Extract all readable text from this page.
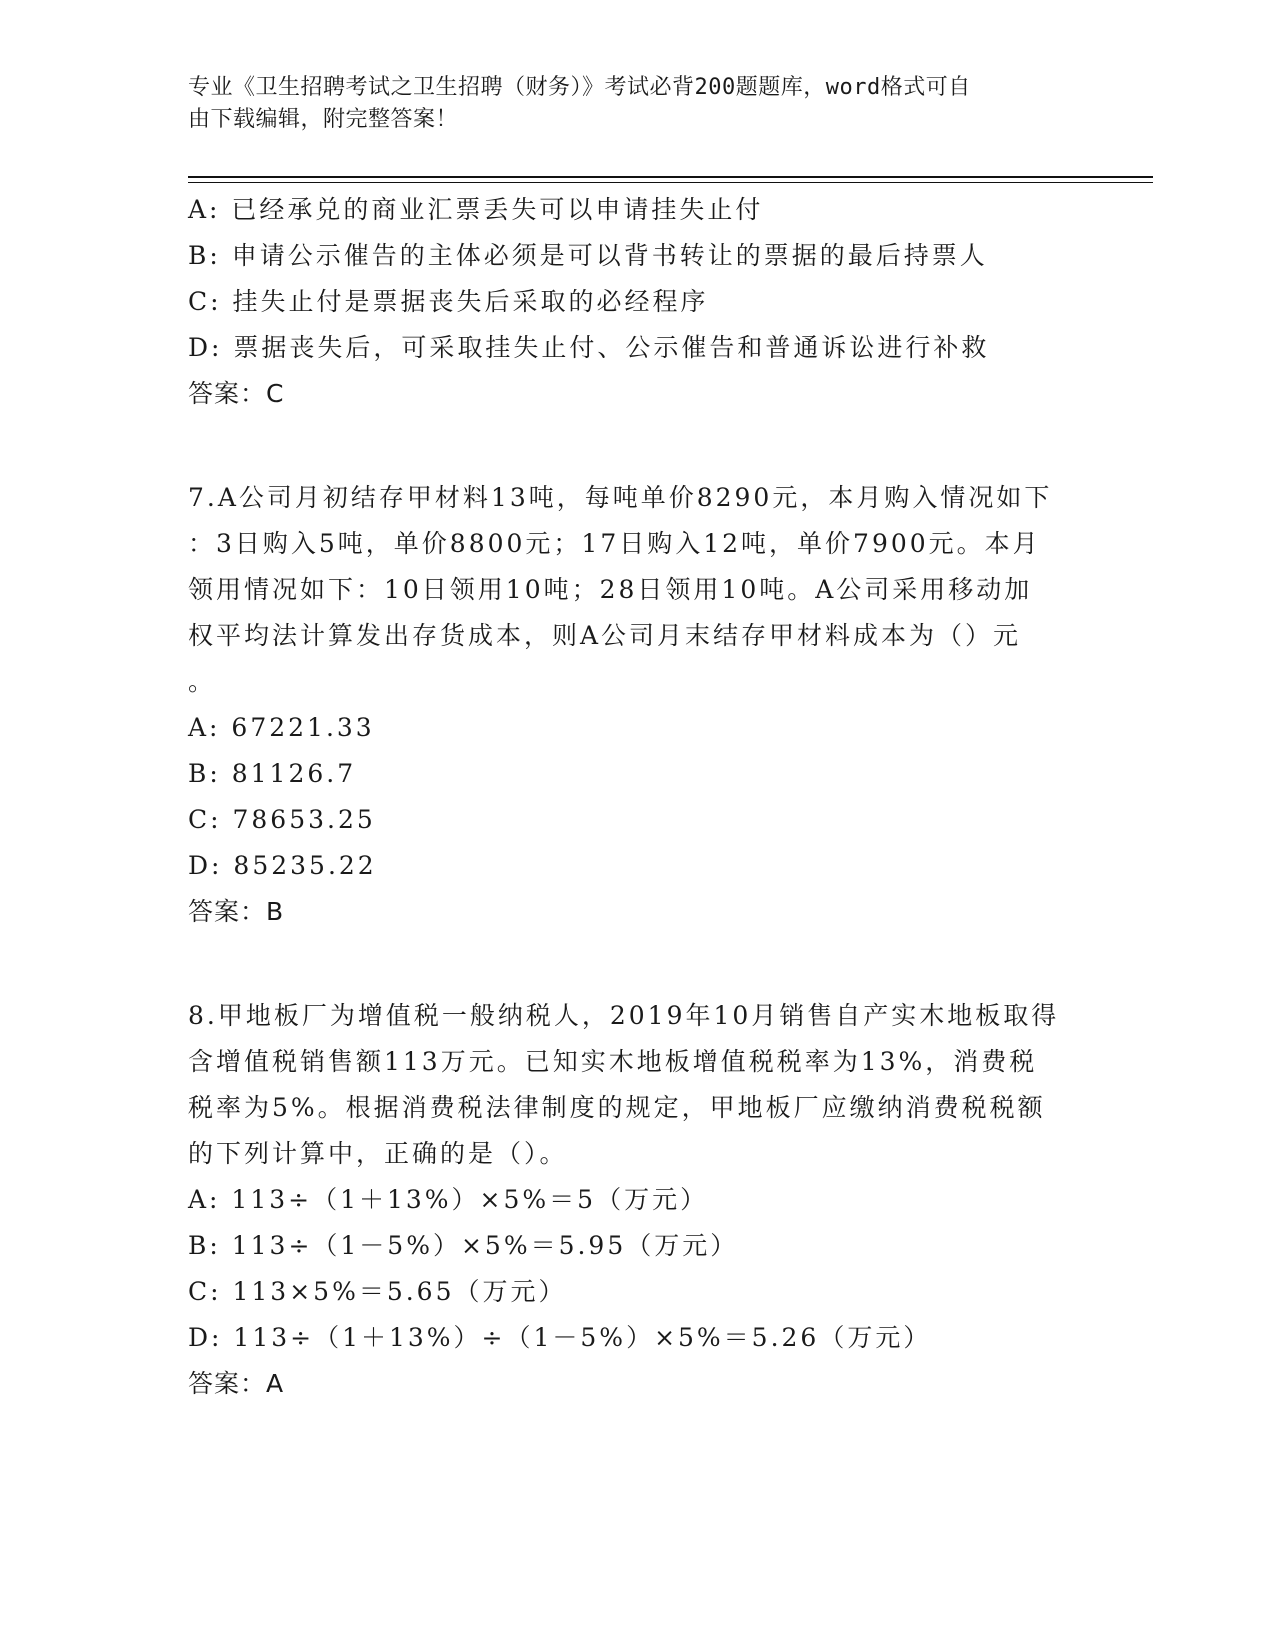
专业《卫生招聘考试之卫生招聘（财务）》考试必背200题题库，word格式可自
由下载编辑，附完整答案！
A: 已经承兑的商业汇票丢失可以申请挂失止付
B: 申请公示催告的主体必须是可以背书转让的票据的最后持票人
C: 挂失止付是票据丧失后采取的必经程序
D: 票据丧失后，可采取挂失止付、公示催告和普通诉讼进行补救
答案：C
7.A公司月初结存甲材料13吨，每吨单价8290元，本月购入情况如下
：3日购入5吨，单价8800元；17日购入12吨，单价7900元。本月
领用情况如下：10日领用10吨；28日领用10吨。A公司采用移动加
权平均法计算发出存货成本，则A公司月末结存甲材料成本为（）元
。
A: 67221.33
B: 81126.7
C: 78653.25
D: 85235.22
答案：B
8.甲地板厂为增值税一般纳税人，2019年10月销售自产实木地板取得
含增值税销售额113万元。已知实木地板增值税税率为13%，消费税
税率为5%。根据消费税法律制度的规定，甲地板厂应缴纳消费税税额
的下列计算中，正确的是（）。
A: 113÷（1＋13%）×5%＝5（万元）
B: 113÷（1－5%）×5%＝5.95（万元）
C: 113×5%＝5.65（万元）
D: 113÷（1＋13%）÷（1－5%）×5%＝5.26（万元）
答案：A
